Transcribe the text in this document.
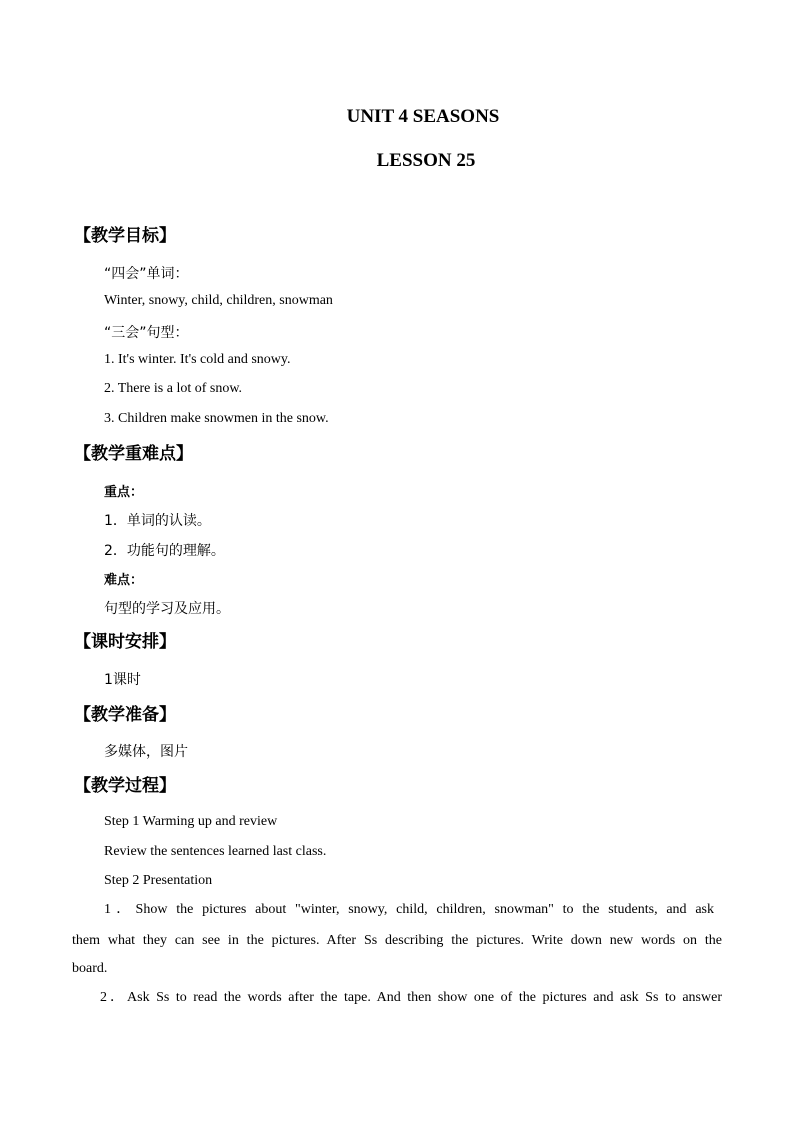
UNIT 4 SEASONS
LESSON 25
【教学目标】
“四会”单词：
Winter, snowy, child, children, snowman
“三会”句型：
1. It's winter. It's cold and snowy.
2. There is a lot of snow.
3. Children make snowmen in the snow.
【教学重难点】
重点：
1．单词的认读。
2．功能句的理解。
难点：
句型的学习及应用。
【课时安排】
1课时
【教学准备】
多媒体，图片
【教学过程】
Step 1 Warming up and review
Review the sentences learned last class.
Step 2 Presentation
1．Show the pictures about "winter, snowy, child, children, snowman" to the students, and ask
them what they can see in the pictures. After Ss describing the pictures. Write down new words on the
board.
2．Ask Ss to read the words after the tape. And then show one of the pictures and ask Ss to answer
